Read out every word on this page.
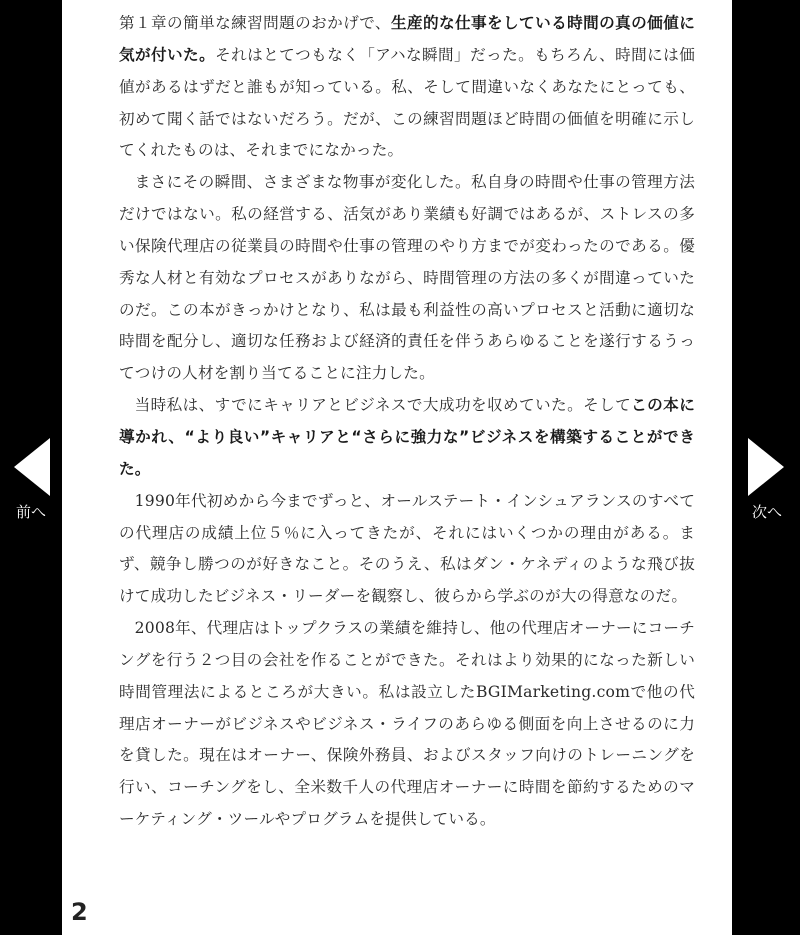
前へ

第１章の簡単な練習問題のおかげで、生産的な仕事をしている時間の真の価値に気が付いた。それはとてつもなく「アハな瞬間」だった。もちろん、時間には価値があるはずだと誰もが知っている。私、そして間違いなくあなたにとっても、初めて聞く話ではないだろう。だが、この練習問題ほど時間の価値を明確に示してくれたものは、それまでになかった。

まさにその瞬間、さまざまな物事が変化した。私自身の時間や仕事の管理方法だけではない。私の経営する、活気があり業績も好調ではあるが、ストレスの多い保険代理店の従業員の時間や仕事の管理のやり方までが変わったのである。優秀な人材と有効なプロセスがありながら、時間管理の方法の多くが間違っていたのだ。この本がきっかけとなり、私は最も利益性の高いプロセスと活動に適切な時間を配分し、適切な任務および経済的責任を伴うあらゆることを遂行するうってつけの人材を割り当てることに注力した。

当時私は、すでにキャリアとビジネスで大成功を収めていた。そしてこの本に導かれ、“より良い”キャリアと“さらに強力な”ビジネスを構築することができた。

1990年代初めから今までずっと、オールステート・インシュアランスのすべての代理店の成績上位５％に入ってきたが、それにはいくつかの理由がある。まず、競争し勝つのが好きなこと。そのうえ、私はダン・ケネディのような飛び抜けて成功したビジネス・リーダーを観察し、彼らから学ぶのが大の得意なのだ。

2008年、代理店はトップクラスの業績を維持し、他の代理店オーナーにコーチングを行う２つ目の会社を作ることができた。それはより効果的になった新しい時間管理法によるところが大きい。私は設立したBGIMarketing.comで他の代理店オーナーがビジネスやビジネス・ライフのあらゆる側面を向上させるのに力を貸した。現在はオーナー、保険外務員、およびスタッフ向けのトレーニングを行い、コーチングをし、全米数千人の代理店オーナーに時間を節約するためのマーケティング・ツールやプログラムを提供している。

2
次へ
